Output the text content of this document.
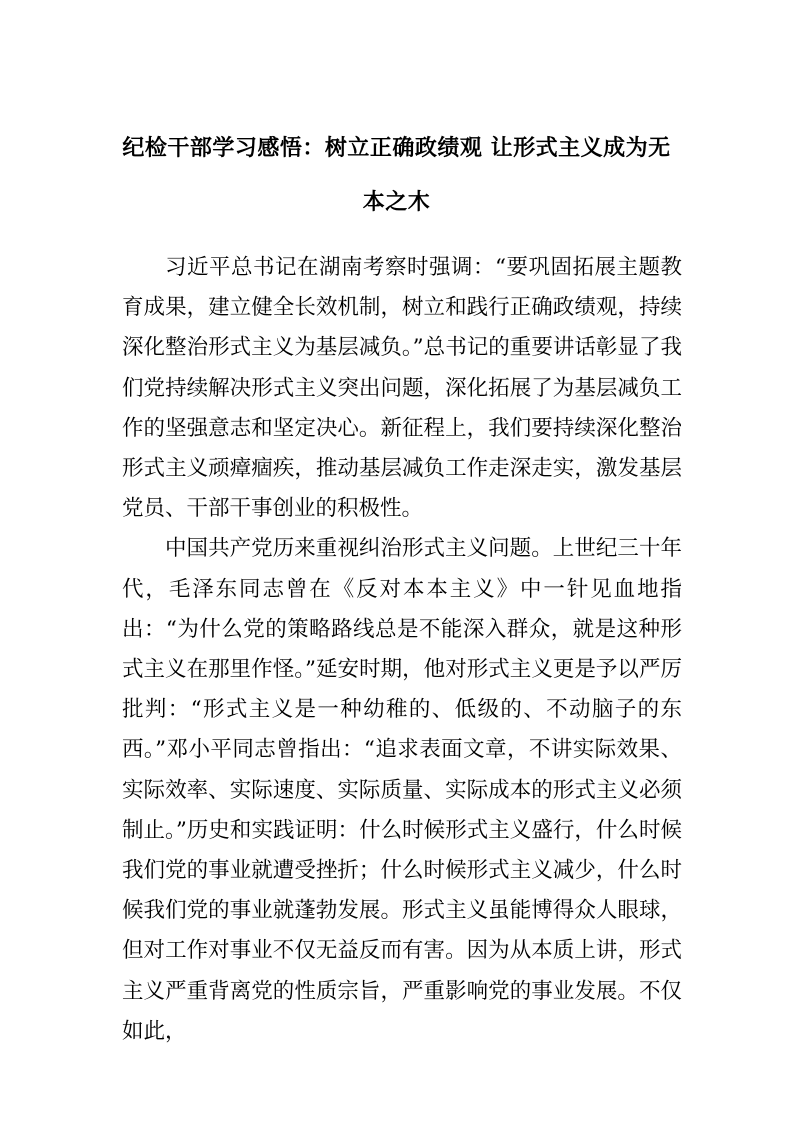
纪检干部学习感悟：树立正确政绩观 让形式主义成为无本之木

习近平总书记在湖南考察时强调：“要巩固拓展主题教育成果，建立健全长效机制，树立和践行正确政绩观，持续深化整治形式主义为基层减负。”总书记的重要讲话彰显了我们党持续解决形式主义突出问题，深化拓展了为基层减负工作的坚强意志和坚定决心。新征程上，我们要持续深化整治形式主义顽瘴痼疾，推动基层减负工作走深走实，激发基层党员、干部干事创业的积极性。

中国共产党历来重视纠治形式主义问题。上世纪三十年代，毛泽东同志曾在《反对本本主义》中一针见血地指出：“为什么党的策略路线总是不能深入群众，就是这种形式主义在那里作怪。”延安时期，他对形式主义更是予以严厉批判：“形式主义是一种幼稚的、低级的、不动脑子的东西。”邓小平同志曾指出：“追求表面文章，不讲实际效果、实际效率、实际速度、实际质量、实际成本的形式主义必须制止。”历史和实践证明：什么时候形式主义盛行，什么时候我们党的事业就遭受挫折；什么时候形式主义减少，什么时候我们党的事业就蓬勃发展。形式主义虽能博得众人眼球，但对工作对事业不仅无益反而有害。因为从本质上讲，形式主义严重背离党的性质宗旨，严重影响党的事业发展。不仅如此，
